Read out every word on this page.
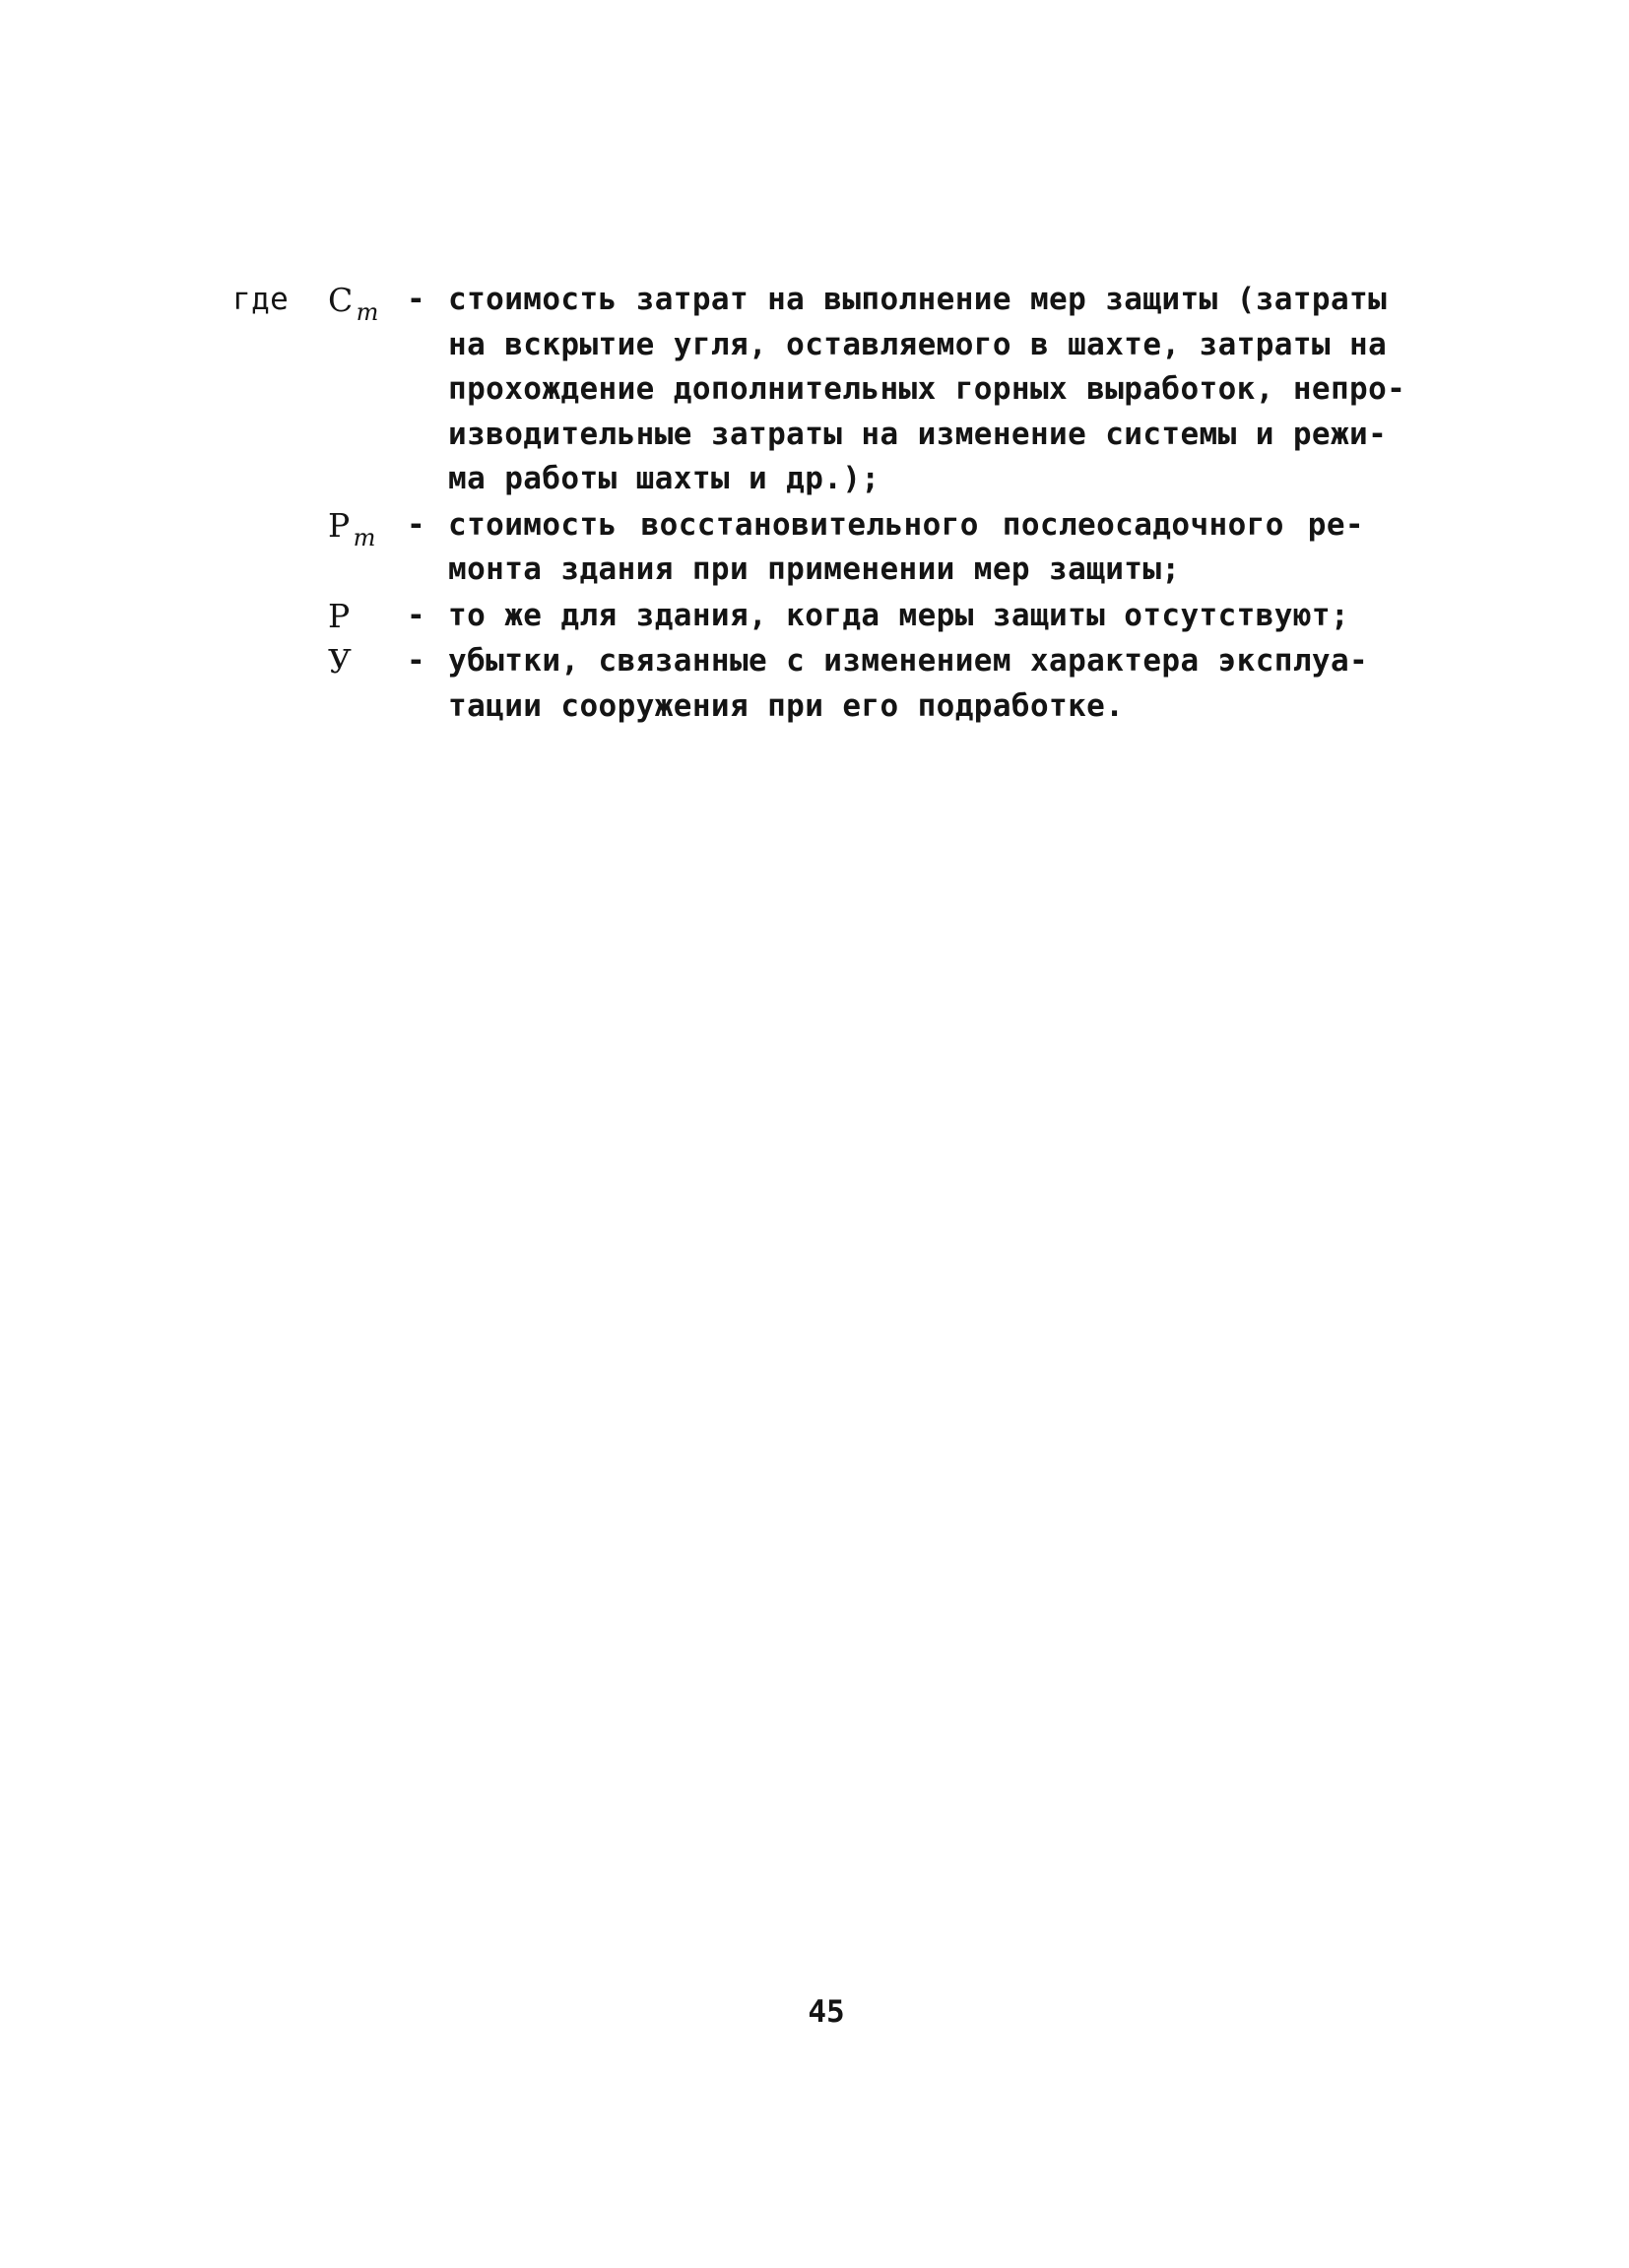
где	С $_m$ - стоимость затрат на выполнение мер защиты (затраты
на вскрытие угля, оставляемого в шахте, затраты на
прохождение дополнительных горных выработок, непро-
изводительные затраты на изменение системы и режи-
ма работы шахты и др.);
P $_m$	- стоимость восстановительного послеосадочного ре-
монта здания при применении мер защиты;
P	- то же для здания, когда меры защиты отсутствуют;
У	- убытки, связанные с изменением характера эксплуа-
тации сооружения при его подработке.
45
